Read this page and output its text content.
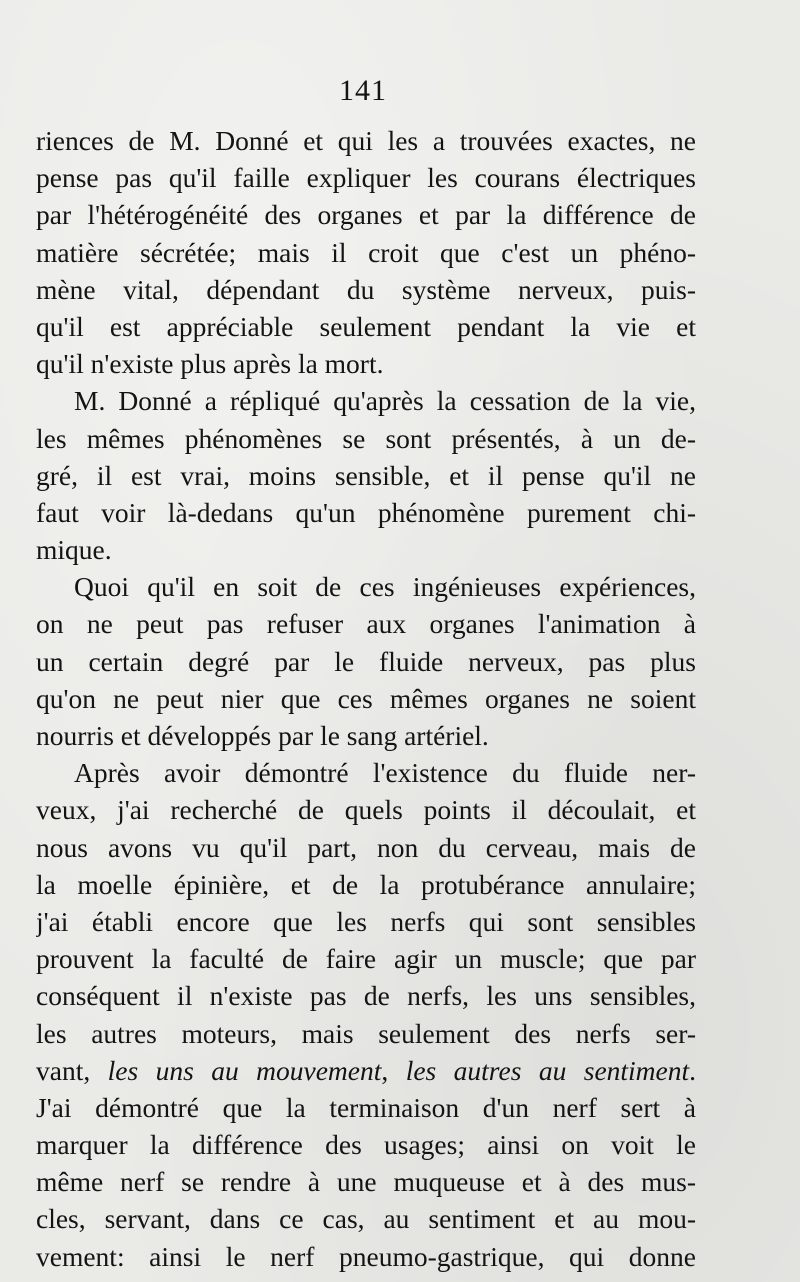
141
riences de M. Donné et qui les a trouvées exactes, ne
pense pas qu'il faille expliquer les courans électriques
par l'hétérogénéité des organes et par la différence de
matière sécrétée; mais il croit que c'est un phéno-
mène vital, dépendant du système nerveux, puis-
qu'il est appréciable seulement pendant la vie et
qu'il n'existe plus après la mort.
M. Donné a répliqué qu'après la cessation de la vie,
les mêmes phénomènes se sont présentés, à un de-
gré, il est vrai, moins sensible, et il pense qu'il ne
faut voir là-dedans qu'un phénomène purement chi-
mique.
Quoi qu'il en soit de ces ingénieuses expériences,
on ne peut pas refuser aux organes l'animation à
un certain degré par le fluide nerveux, pas plus
qu'on ne peut nier que ces mêmes organes ne soient
nourris et développés par le sang artériel.
Après avoir démontré l'existence du fluide ner-
veux, j'ai recherché de quels points il découlait, et
nous avons vu qu'il part, non du cerveau, mais de
la moelle épinière, et de la protubérance annulaire;
j'ai établi encore que les nerfs qui sont sensibles
prouvent la faculté de faire agir un muscle; que par
conséquent il n'existe pas de nerfs, les uns sensibles,
les autres moteurs, mais seulement des nerfs ser-
vant, les uns au mouvement, les autres au sentiment.
J'ai démontré que la terminaison d'un nerf sert à
marquer la différence des usages; ainsi on voit le
même nerf se rendre à une muqueuse et à des mus-
cles, servant, dans ce cas, au sentiment et au mou-
vement: ainsi le nerf pneumo-gastrique, qui donne
